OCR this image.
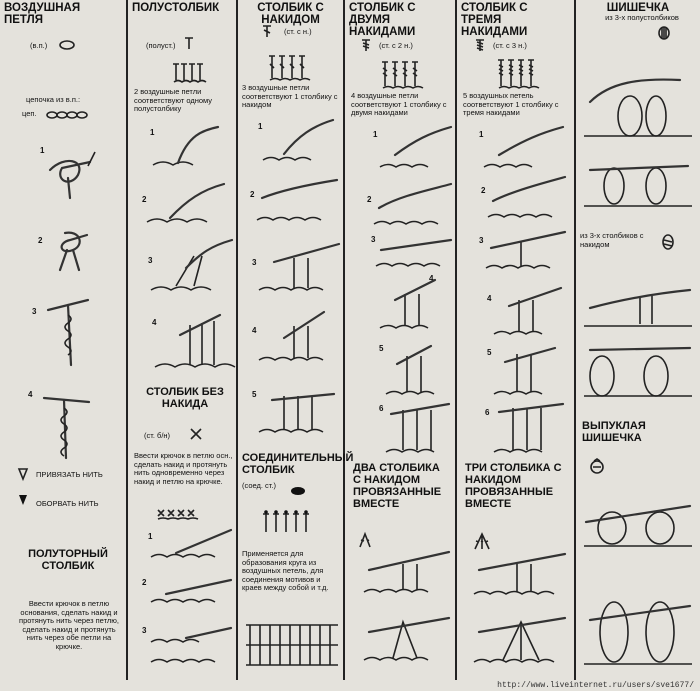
ВОЗДУШНАЯ ПЕТЛЯ
(в.п.)
цепочка из в.п.:
цеп.
1
2
3
4
ПРИВЯЗАТЬ НИТЬ
ОБОРВАТЬ НИТЬ
ПОЛУТОРНЫЙ СТОЛБИК
Ввести крючок в петлю основания, сделать накид и протянуть нить через петлю, сделать накид и протянуть нить через обе петли на крючке.
ПОЛУСТОЛБИК
(полуст.)
2 воздушные петли соответствуют одному полустолбику
1
2
3
4
СТОЛБИК БЕЗ НАКИДА
(ст. б/н)
Ввести крючок в петлю осн., сделать накид и протянуть нить одновременно через накид и петлю на крючке.
1
2
3
СТОЛБИК С НАКИДОМ
(ст. с н.)
3 воздушные петли соответствуют 1 столбику с накидом
1
2
3
4
5
СОЕДИНИТЕЛЬНЫЙ СТОЛБИК
(соед. ст.)
Применяется для образования круга из воздушных петель, для соединения мотивов и краев между собой и т.д.
СТОЛБИК С ДВУМЯ НАКИДАМИ
(ст. с 2 н.)
4 воздушные петли соответствуют 1 столбику с двумя накидами
1
2
3
4
5
6
ДВА СТОЛБИКА С НАКИДОМ ПРОВЯЗАННЫЕ ВМЕСТЕ
СТОЛБИК С ТРЕМЯ НАКИДАМИ
(ст. с 3 н.)
5 воздушных петель соответствуют 1 столбику с тремя накидами
1
2
3
4
5
6
ТРИ СТОЛБИКА С НАКИДОМ ПРОВЯЗАННЫЕ ВМЕСТЕ
ШИШЕЧКА
из 3-х полустолбиков
из 3-х столбиков с накидом
ВЫПУКЛАЯ ШИШЕЧКА
http://www.liveinternet.ru/users/sve1677/
